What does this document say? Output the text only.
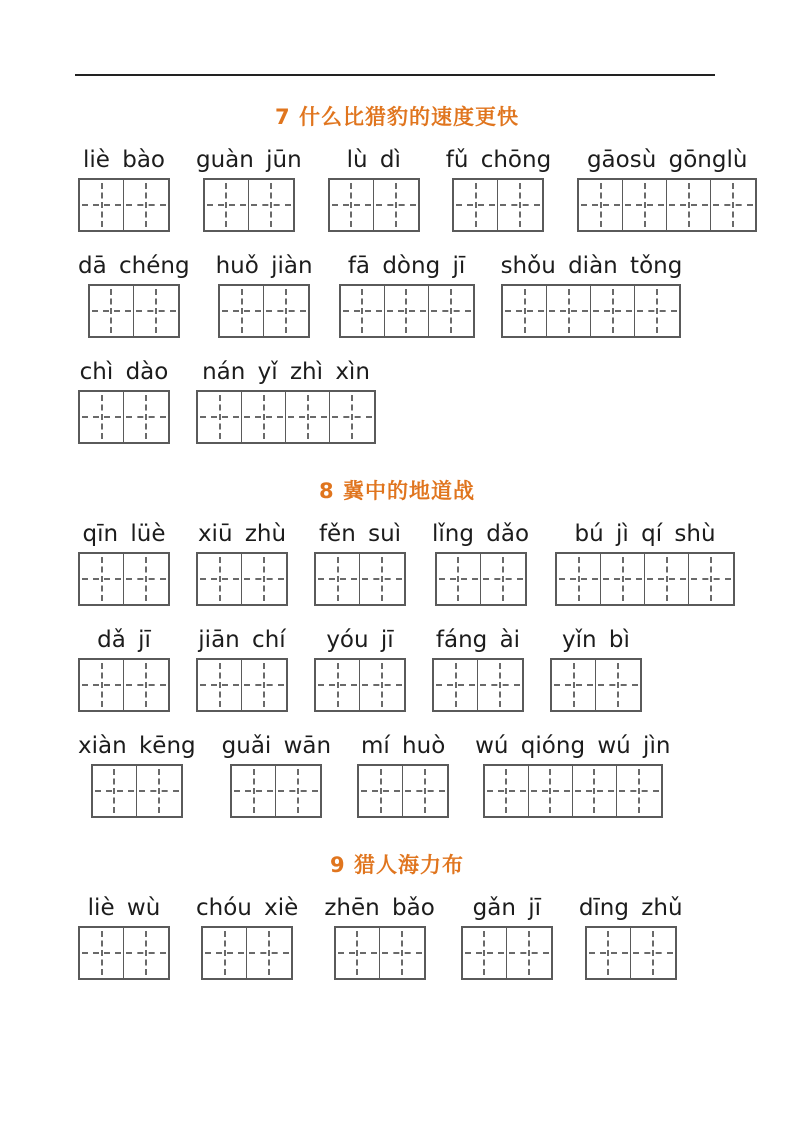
7 什么比猎豹的速度更快
liè bào guàn jūn lù dì fǔ chōng gāosù gōnglù
dā chéng huǒ jiàn fā dòng jī shǒu diàn tǒng
chì dào nán yǐ zhì xìn
8 冀中的地道战
qīn lüè xiū zhù fěn suì lǐng dǎo bú jì qí shù
dǎ jī jiān chí yóu jī fáng ài yǐn bì
xiàn kēng guǎi wān mí huò wú qióng wú jìn
9 猎人海力布
liè wù chóu xiè zhēn bǎo gǎn jī dīng zhǔ
